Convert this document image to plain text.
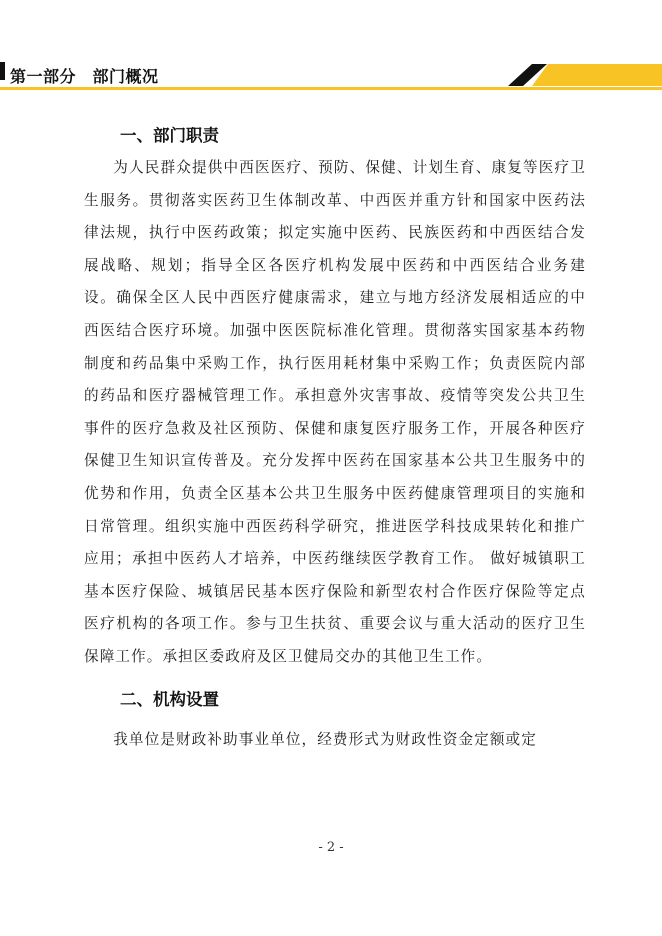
第一部分　部门概况
一、部门职责

为人民群众提供中西医医疗、预防、保健、计划生育、康复等医疗卫生服务。贯彻落实医药卫生体制改革、中西医并重方针和国家中医药法律法规，执行中医药政策；拟定实施中医药、民族医药和中西医结合发展战略、规划；指导全区各医疗机构发展中医药和中西医结合业务建设。确保全区人民中西医疗健康需求，建立与地方经济发展相适应的中西医结合医疗环境。加强中医医院标准化管理。贯彻落实国家基本药物制度和药品集中采购工作，执行医用耗材集中采购工作；负责医院内部的药品和医疗器械管理工作。承担意外灾害事故、疫情等突发公共卫生事件的医疗急救及社区预防、保健和康复医疗服务工作，开展各种医疗保健卫生知识宣传普及。充分发挥中医药在国家基本公共卫生服务中的优势和作用，负责全区基本公共卫生服务中医药健康管理项目的实施和日常管理。组织实施中西医药科学研究，推进医学科技成果转化和推广应用；承担中医药人才培养，中医药继续医学教育工作。 做好城镇职工基本医疗保险、城镇居民基本医疗保险和新型农村合作医疗保险等定点医疗机构的各项工作。参与卫生扶贫、重要会议与重大活动的医疗卫生保障工作。承担区委政府及区卫健局交办的其他卫生工作。

二、机构设置

我单位是财政补助事业单位，经费形式为财政性资金定额或定

- 2 -
